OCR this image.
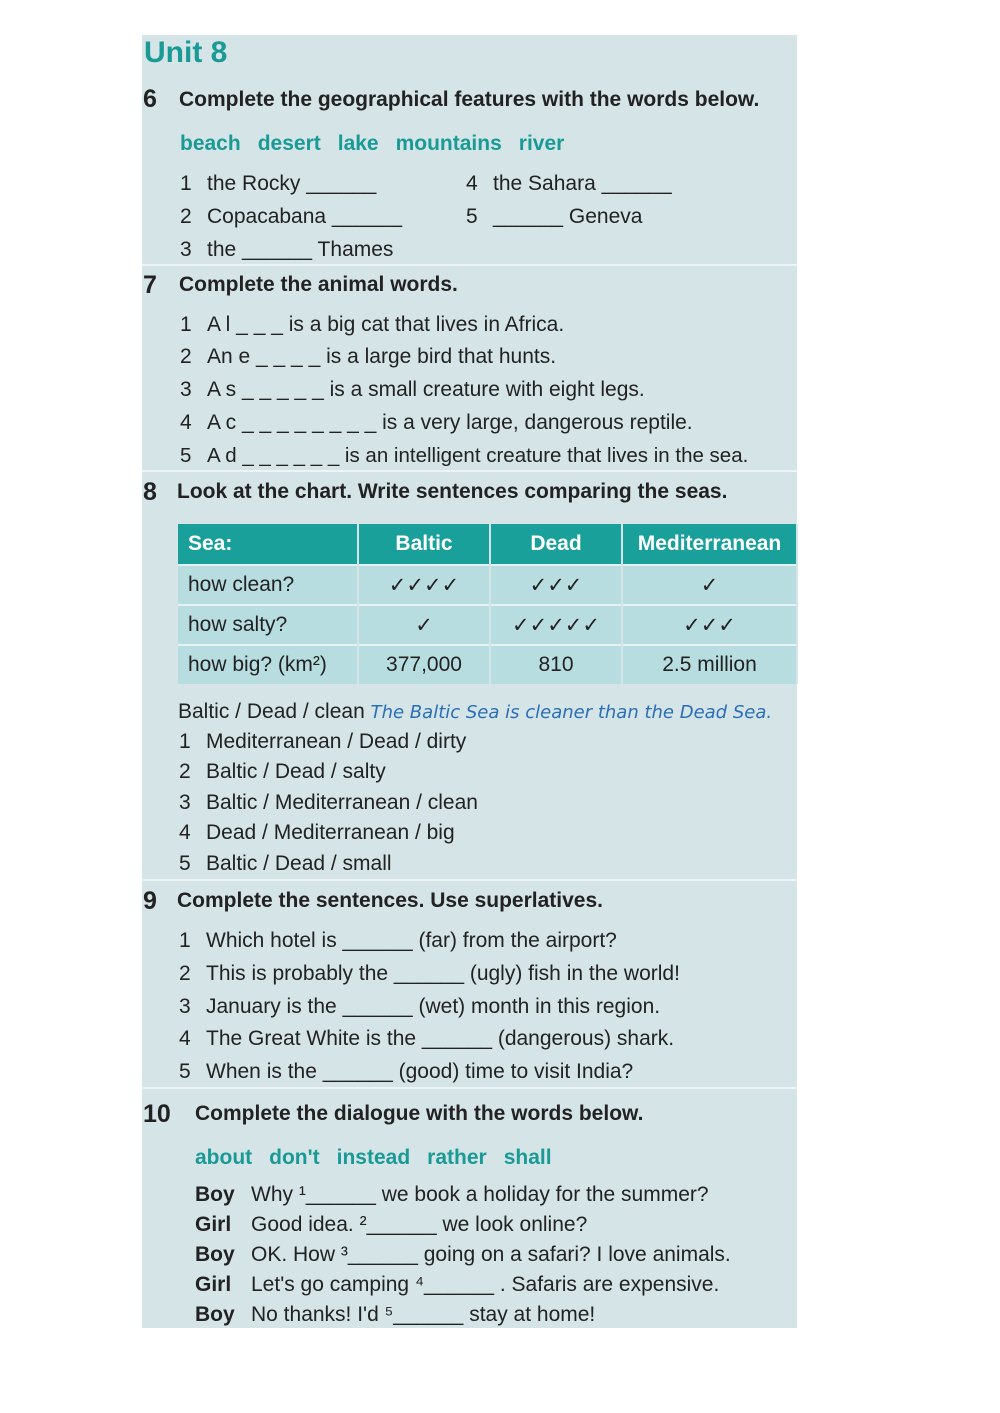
Unit 8
6 Complete the geographical features with the words below.
beach desert lake mountains river
1 the Rocky ______
2 Copacabana ______
3 the ______ Thames
4 the Sahara ______
5 ______ Geneva
7 Complete the animal words.
1 A l _ _ _ is a big cat that lives in Africa.
2 An e _ _ _ _ is a large bird that hunts.
3 A s _ _ _ _ _ is a small creature with eight legs.
4 A c _ _ _ _ _ _ _ _ is a very large, dangerous reptile.
5 A d _ _ _ _ _ _ is an intelligent creature that lives in the sea.
8 Look at the chart. Write sentences comparing the seas.
Sea:	Baltic	Dead	Mediterranean
how clean?	✓✓✓✓	✓✓✓	✓
how salty?	✓	✓✓✓✓✓	✓✓✓
how big? (km²)	377,000	810	2.5 million
Baltic / Dead / clean The Baltic Sea is cleaner than the Dead Sea.
1 Mediterranean / Dead / dirty
2 Baltic / Dead / salty
3 Baltic / Mediterranean / clean
4 Dead / Mediterranean / big
5 Baltic / Dead / small
9 Complete the sentences. Use superlatives.
1 Which hotel is ______ (far) from the airport?
2 This is probably the ______ (ugly) fish in the world!
3 January is the ______ (wet) month in this region.
4 The Great White is the ______ (dangerous) shark.
5 When is the ______ (good) time to visit India?
10 Complete the dialogue with the words below.
about don't instead rather shall
Boy Why ¹______ we book a holiday for the summer?
Girl Good idea. ²______ we look online?
Boy OK. How ³______ going on a safari? I love animals.
Girl Let's go camping ⁴______ . Safaris are expensive.
Boy No thanks! I'd ⁵______ stay at home!
